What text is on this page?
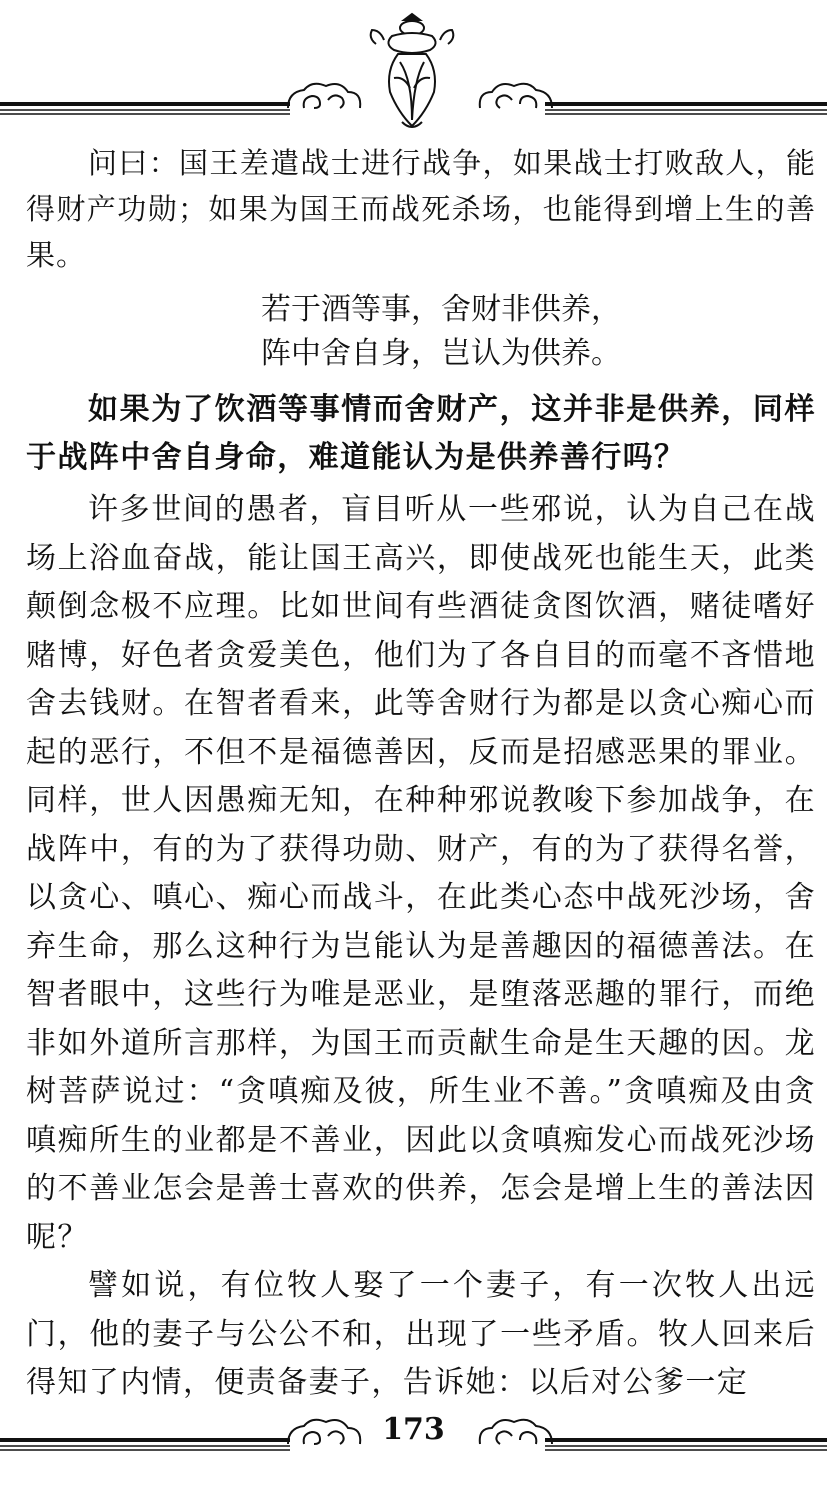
问曰：国王差遣战士进行战争，如果战士打败敌人，能得财产功勋；如果为国王而战死杀场，也能得到增上生的善果。

若于酒等事，舍财非供养，

阵中舍自身，岂认为供养。

如果为了饮酒等事情而舍财产，这并非是供养，同样于战阵中舍自身命，难道能认为是供养善行吗？

许多世间的愚者，盲目听从一些邪说，认为自己在战场上浴血奋战，能让国王高兴，即使战死也能生天，此类颠倒念极不应理。比如世间有些酒徒贪图饮酒，赌徒嗜好赌博，好色者贪爱美色，他们为了各自目的而毫不吝惜地舍去钱财。在智者看来，此等舍财行为都是以贪心痴心而起的恶行，不但不是福德善因，反而是招感恶果的罪业。同样，世人因愚痴无知，在种种邪说教唆下参加战争，在战阵中，有的为了获得功勋、财产，有的为了获得名誉，以贪心、嗔心、痴心而战斗，在此类心态中战死沙场，舍弃生命，那么这种行为岂能认为是善趣因的福德善法。在智者眼中，这些行为唯是恶业，是堕落恶趣的罪行，而绝非如外道所言那样，为国王而贡献生命是生天趣的因。龙树菩萨说过：“贪嗔痴及彼，所生业不善。”贪嗔痴及由贪嗔痴所生的业都是不善业，因此以贪嗔痴发心而战死沙场的不善业怎会是善士喜欢的供养，怎会是增上生的善法因呢？

譬如说，有位牧人娶了一个妻子，有一次牧人出远门，他的妻子与公公不和，出现了一些矛盾。牧人回来后得知了内情，便责备妻子，告诉她：以后对公爹一定

173
